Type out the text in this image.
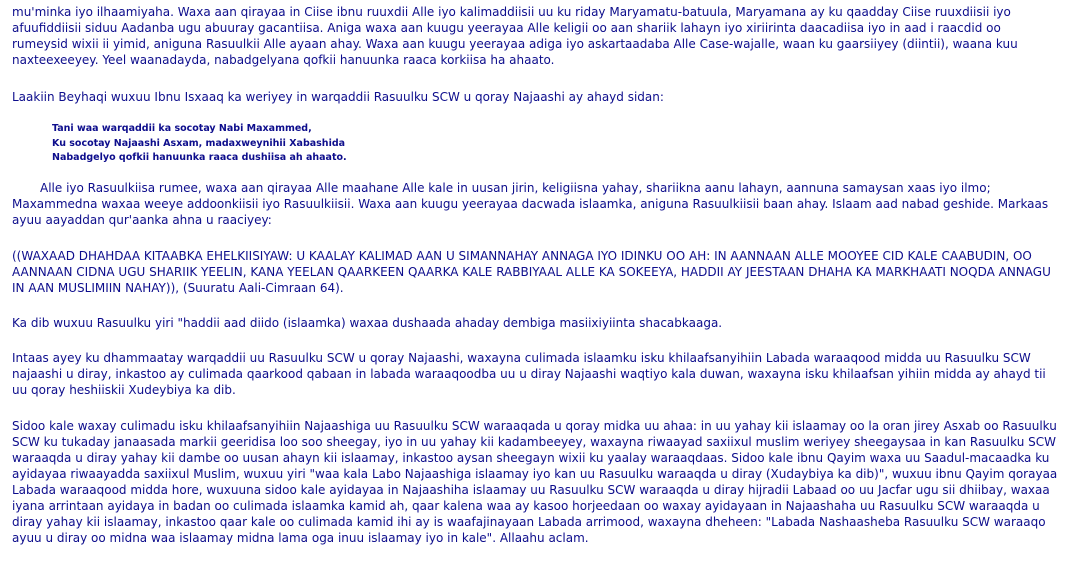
mu'minka iyo ilhaamiyaha. Waxa aan qirayaa in Ciise ibnu ruuxdii Alle iyo kalimaddiisii uu ku riday Maryamatu-batuula, Maryamana ay ku qaadday Ciise ruuxdiisii iyo afuufiddiisii siduu Aadanba ugu abuuray gacantiisa. Aniga waxa aan kuugu yeerayaa Alle keligii oo aan shariik lahayn iyo xiriirinta daacadiisa iyo in aad i raacdid oo rumeysid wixii ii yimid, aniguna Rasuulkii Alle ayaan ahay. Waxa aan kuugu yeerayaa adiga iyo askartaadaba Alle Case-wajalle, waan ku gaarsiiyey (diintii), waana kuu naxteexeeyey. Yeel waanadayda, nabadgelyana qofkii hanuunka raaca korkiisa ha ahaato.

Laakiin Beyhaqi wuxuu Ibnu Isxaaq ka weriyey in warqaddii Rasuulku SCW u qoray Najaashi ay ahayd sidan:

Tani waa warqaddii ka socotay Nabi Maxammed,
Ku socotay Najaashi Asxam, madaxweynihii Xabashida
Nabadgelyo qofkii hanuunka raaca dushiisa ah ahaato.

Alle iyo Rasuulkiisa rumee, waxa aan qirayaa Alle maahane Alle kale in uusan jirin, keligiisna yahay, shariikna aanu lahayn, aannuna samaysan xaas iyo ilmo; Maxammedna waxaa weeye addoonkiisii iyo Rasuulkiisii. Waxa aan kuugu yeerayaa dacwada islaamka, aniguna Rasuulkiisii baan ahay. Islaam aad nabad geshide. Markaas ayuu aayaddan qur'aanka ahna u raaciyey:

((WAXAAD DHAHDAA KITAABKA EHELKIISIYAW: U KAALAY KALIMAD AAN U SIMANNAHAY ANNAGA IYO IDINKU OO AH: IN AANNAAN ALLE MOOYEE CID KALE CAABUDIN, OO AANNAAN CIDNA UGU SHARIIK YEELIN, KANA YEELAN QAARKEEN QAARKA KALE RABBIYAAL ALLE KA SOKEEYA, HADDII AY JEESTAAN DHAHA KA MARKHAATI NOQDA ANNAGU IN AAN MUSLIMIIN NAHAY)), (Suuratu Aali-Cimraan 64).

Ka dib wuxuu Rasuulku yiri "haddii aad diido (islaamka) waxaa dushaada ahaday dembiga masiixiyiinta shacabkaaga.

Intaas ayey ku dhammaatay warqaddii uu Rasuulku SCW u qoray Najaashi, waxayna culimada islaamku isku khilaafsanyihiin Labada waraaqood midda uu Rasuulku SCW najaashi u diray, inkastoo ay culimada qaarkood qabaan in labada waraaqoodba uu u diray Najaashi waqtiyo kala duwan, waxayna isku khilaafsan yihiin midda ay ahayd tii uu qoray heshiiskii Xudeybiya ka dib.

Sidoo kale waxay culimadu isku khilaafsanyihiin Najaashiga uu Rasuulku SCW waraaqada u qoray midka uu ahaa: in uu yahay kii islaamay oo la oran jirey Asxab oo Rasuulku SCW ku tukaday janaasada markii geeridisa loo soo sheegay, iyo in uu yahay kii kadambeeyey, waxayna riwaayad saxiixul muslim weriyey sheegaysaa in kan Rasuulku SCW waraaqda u diray yahay kii dambe oo uusan ahayn kii islaamay, inkastoo aysan sheegayn wixii ku yaalay waraaqdaas. Sidoo kale ibnu Qayim waxa uu Saadul-macaadka ku ayidayaa riwaayadda saxiixul Muslim, wuxuu yiri "waa kala Labo Najaashiga islaamay iyo kan uu Rasuulku waraaqda u diray (Xudaybiya ka dib)", wuxuu ibnu Qayim qorayaa Labada waraaqood midda hore, wuxuuna sidoo kale ayidayaa in Najaashiha islaamay uu Rasuulku SCW waraaqda u diray hijradii Labaad oo uu Jacfar ugu sii dhiibay, waxaa iyana arrintaan ayidaya in badan oo culimada islaamka kamid ah, qaar kalena waa ay kasoo horjeedaan oo waxay ayidayaan in Najaashaha uu Rasuulku SCW waraaqda u diray yahay kii islaamay, inkastoo qaar kale oo culimada kamid ihi ay is waafajinayaan Labada arrimood, waxayna dheheen: "Labada Nashaasheba Rasuulku SCW waraaqo ayuu u diray oo midna waa islaamay midna lama oga inuu islaamay iyo in kale". Allaahu aclam.
